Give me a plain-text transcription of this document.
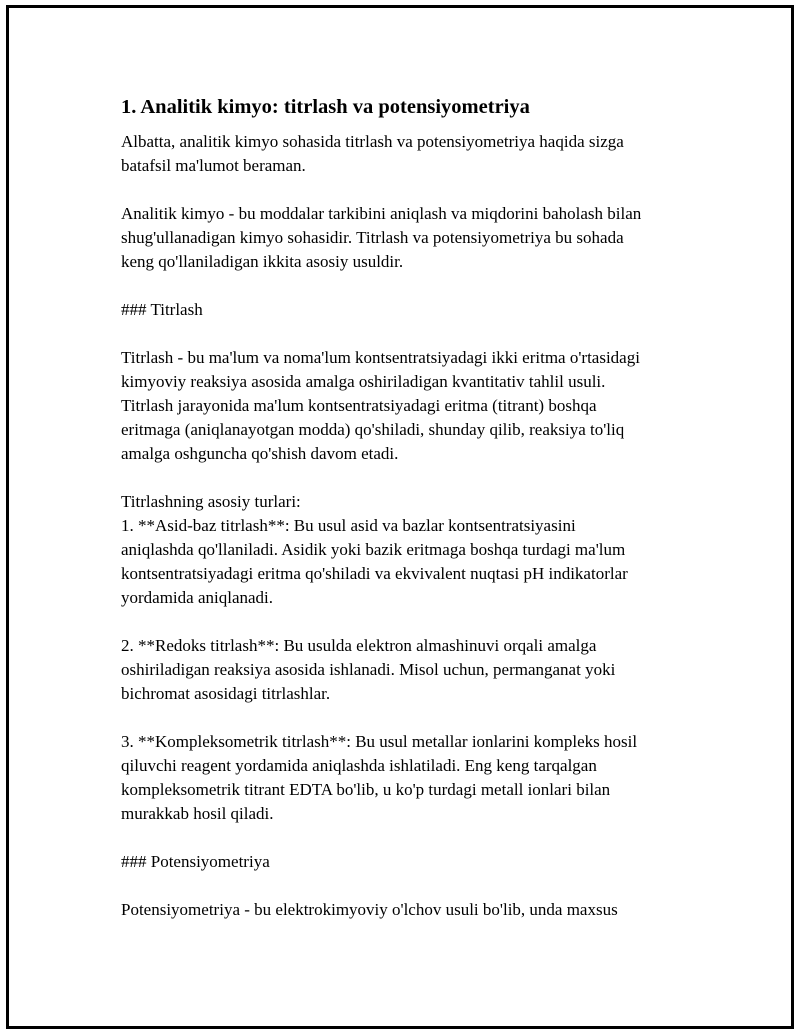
1. Analitik kimyo: titrlash va potensiyometriya

Albatta, analitik kimyo sohasida titrlash va potensiyometriya haqida sizga
batafsil ma'lumot beraman.

Analitik kimyo - bu moddalar tarkibini aniqlash va miqdorini baholash bilan
shug'ullanadigan kimyo sohasidir. Titrlash va potensiyometriya bu sohada
keng qo'llaniladigan ikkita asosiy usuldir.

### Titrlash

Titrlash - bu ma'lum va noma'lum kontsentratsiyadagi ikki eritma o'rtasidagi
kimyoviy reaksiya asosida amalga oshiriladigan kvantitativ tahlil usuli.
Titrlash jarayonida ma'lum kontsentratsiyadagi eritma (titrant) boshqa
eritmaga (aniqlanayotgan modda) qo'shiladi, shunday qilib, reaksiya to'liq
amalga oshguncha qo'shish davom etadi.

Titrlashning asosiy turlari:
1. **Asid-baz titrlash**: Bu usul asid va bazlar kontsentratsiyasini
aniqlashda qo'llaniladi. Asidik yoki bazik eritmaga boshqa turdagi ma'lum
kontsentratsiyadagi eritma qo'shiladi va ekvivalent nuqtasi pH indikatorlar
yordamida aniqlanadi.

2. **Redoks titrlash**: Bu usulda elektron almashinuvi orqali amalga
oshiriladigan reaksiya asosida ishlanadi. Misol uchun, permanganat yoki
bichromat asosidagi titrlashlar.

3. **Kompleksometrik titrlash**: Bu usul metallar ionlarini kompleks hosil
qiluvchi reagent yordamida aniqlashda ishlatiladi. Eng keng tarqalgan
kompleksometrik titrant EDTA bo'lib, u ko'p turdagi metall ionlari bilan
murakkab hosil qiladi.

### Potensiyometriya

Potensiyometriya - bu elektrokimyoviy o'lchov usuli bo'lib, unda maxsus
